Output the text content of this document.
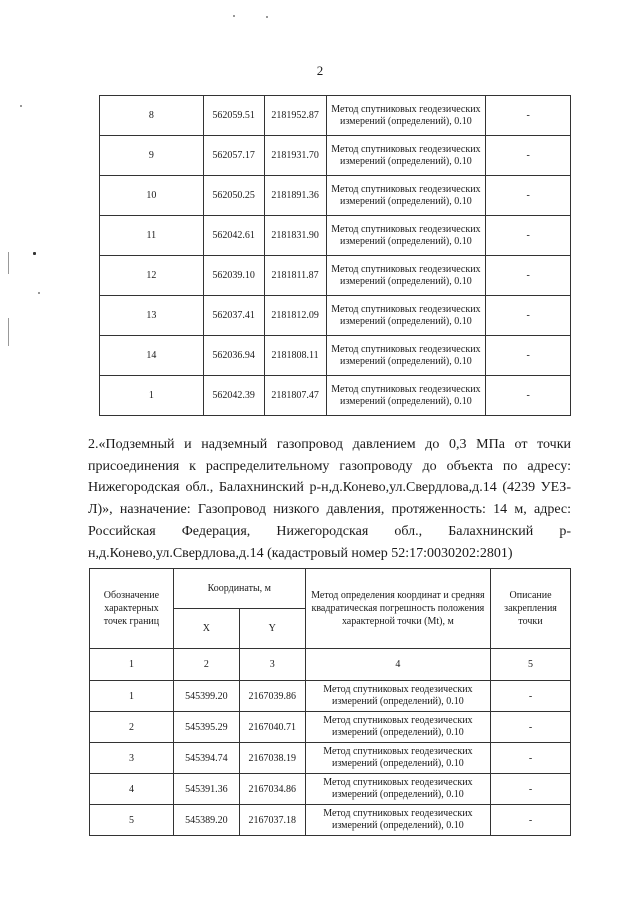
2
8	562059.51	2181952.87	Метод спутниковых геодезических измерений (определений), 0.10	-
9	562057.17	2181931.70	Метод спутниковых геодезических измерений (определений), 0.10	-
10	562050.25	2181891.36	Метод спутниковых геодезических измерений (определений), 0.10	-
11	562042.61	2181831.90	Метод спутниковых геодезических измерений (определений), 0.10	-
12	562039.10	2181811.87	Метод спутниковых геодезических измерений (определений), 0.10	-
13	562037.41	2181812.09	Метод спутниковых геодезических измерений (определений), 0.10	-
14	562036.94	2181808.11	Метод спутниковых геодезических измерений (определений), 0.10	-
1	562042.39	2181807.47	Метод спутниковых геодезических измерений (определений), 0.10	-
2.«Подземный и надземный газопровод давлением до 0,3 МПа от точки присоединения к распределительному газопроводу до объекта по адресу: Нижегородская обл., Балахнинский р-н,д.Конево,ул.Свердлова,д.14 (4239 УЕЗ-Л)», назначение: Газопровод низкого давления, протяженность: 14 м, адрес: Российская Федерация, Нижегородская обл., Балахнинский р-н,д.Конево,ул.Свердлова,д.14 (кадастровый номер 52:17:0030202:2801)
Обозначение характерных точек границ	Координаты, м		Метод определения координат и средняя квадратическая погрешность положения характерной точки (Mt), м	Описание закрепления точки
	X	Y		
1	2	3	4	5
1	545399.20	2167039.86	Метод спутниковых геодезических измерений (определений), 0.10	-
2	545395.29	2167040.71	Метод спутниковых геодезических измерений (определений), 0.10	-
3	545394.74	2167038.19	Метод спутниковых геодезических измерений (определений), 0.10	-
4	545391.36	2167034.86	Метод спутниковых геодезических измерений (определений), 0.10	-
5	545389.20	2167037.18	Метод спутниковых геодезических измерений (определений), 0.10	-
